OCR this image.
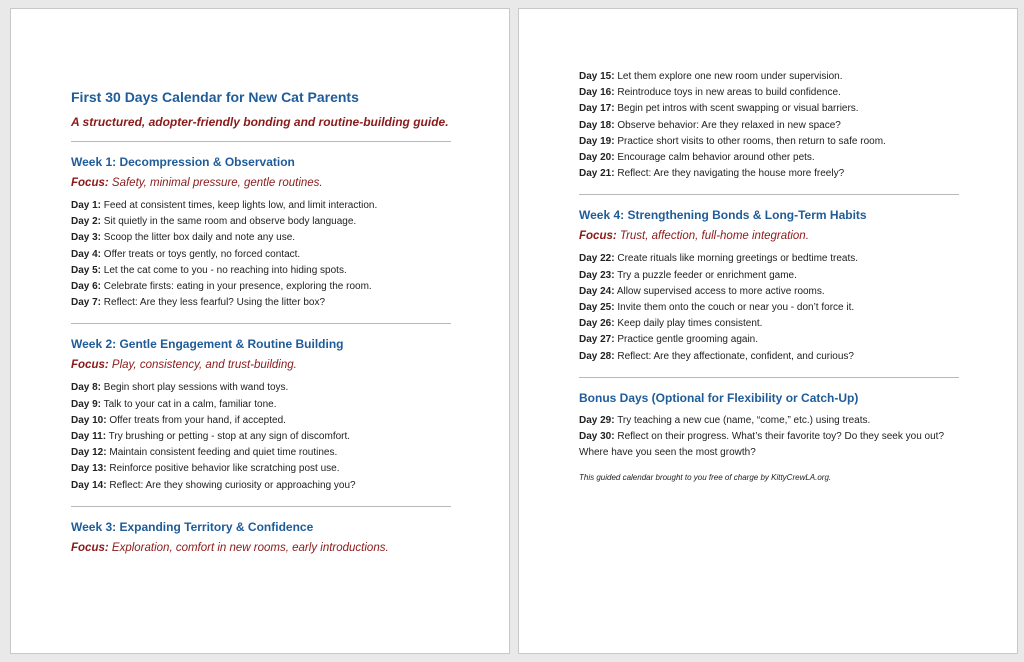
First 30 Days Calendar for New Cat Parents
A structured, adopter-friendly bonding and routine-building guide.
Week 1: Decompression & Observation
Focus: Safety, minimal pressure, gentle routines.
Day 1: Feed at consistent times, keep lights low, and limit interaction.
Day 2: Sit quietly in the same room and observe body language.
Day 3: Scoop the litter box daily and note any use.
Day 4: Offer treats or toys gently, no forced contact.
Day 5: Let the cat come to you - no reaching into hiding spots.
Day 6: Celebrate firsts: eating in your presence, exploring the room.
Day 7: Reflect: Are they less fearful? Using the litter box?
Week 2: Gentle Engagement & Routine Building
Focus: Play, consistency, and trust-building.
Day 8: Begin short play sessions with wand toys.
Day 9: Talk to your cat in a calm, familiar tone.
Day 10: Offer treats from your hand, if accepted.
Day 11: Try brushing or petting - stop at any sign of discomfort.
Day 12: Maintain consistent feeding and quiet time routines.
Day 13: Reinforce positive behavior like scratching post use.
Day 14: Reflect: Are they showing curiosity or approaching you?
Week 3: Expanding Territory & Confidence
Focus: Exploration, comfort in new rooms, early introductions.
Day 15: Let them explore one new room under supervision.
Day 16: Reintroduce toys in new areas to build confidence.
Day 17: Begin pet intros with scent swapping or visual barriers.
Day 18: Observe behavior: Are they relaxed in new space?
Day 19: Practice short visits to other rooms, then return to safe room.
Day 20: Encourage calm behavior around other pets.
Day 21: Reflect: Are they navigating the house more freely?
Week 4: Strengthening Bonds & Long-Term Habits
Focus: Trust, affection, full-home integration.
Day 22: Create rituals like morning greetings or bedtime treats.
Day 23: Try a puzzle feeder or enrichment game.
Day 24: Allow supervised access to more active rooms.
Day 25: Invite them onto the couch or near you - don’t force it.
Day 26: Keep daily play times consistent.
Day 27: Practice gentle grooming again.
Day 28: Reflect: Are they affectionate, confident, and curious?
Bonus Days (Optional for Flexibility or Catch-Up)
Day 29: Try teaching a new cue (name, “come,” etc.) using treats.
Day 30: Reflect on their progress. What’s their favorite toy? Do they seek you out? Where have you seen the most growth?
This guided calendar brought to you free of charge by KittyCrewLA.org.
